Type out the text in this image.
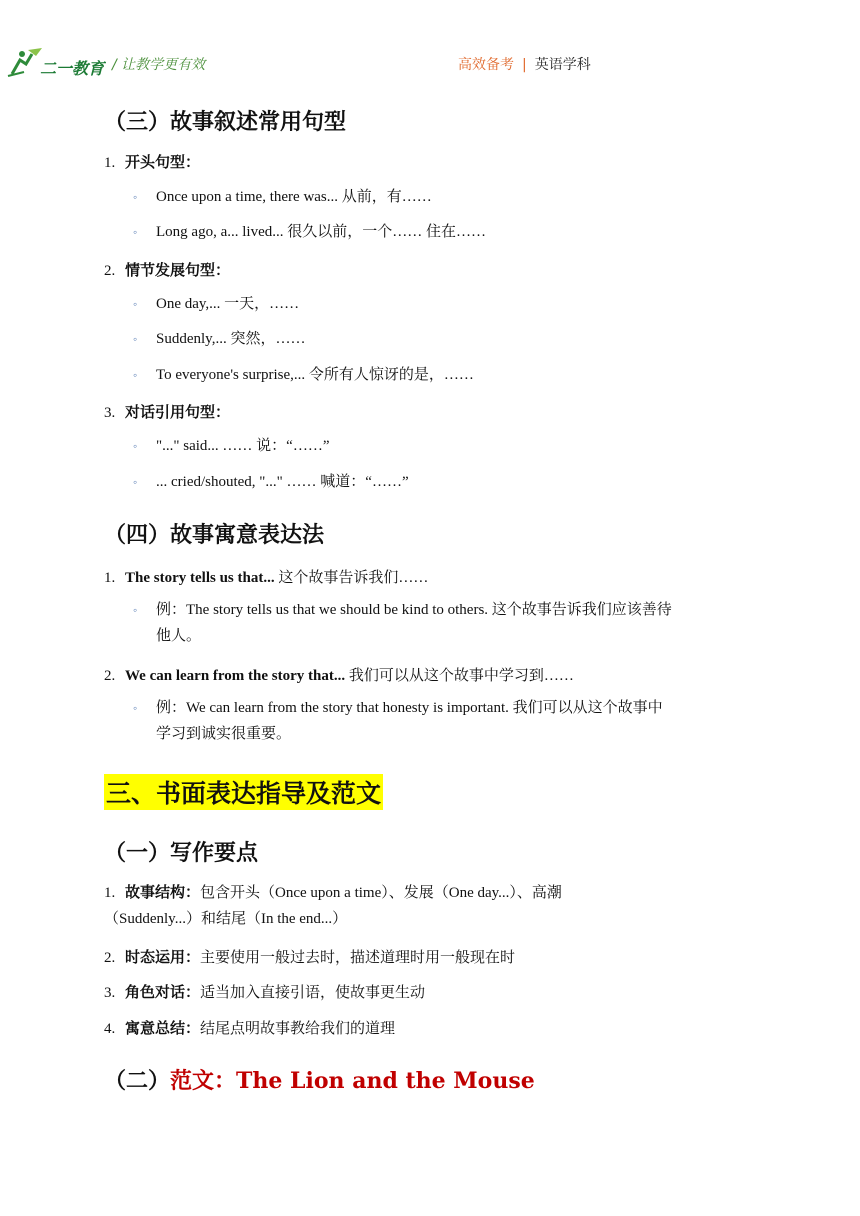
二一教育 / 让教学更有效	高效备考 | 英语学科
（三）故事叙述常用句型
1. 开头句型：
◦	Once upon a time, there was... 从前，有……
◦	Long ago, a... lived... 很久以前，一个…… 住在……
2. 情节发展句型：
◦	One day,... 一天，……
◦	Suddenly,... 突然，……
◦	To everyone's surprise,... 令所有人惊讶的是，……
3. 对话引用句型：
◦	"..." said... …… 说：“……”
◦	... cried/shouted, "..." …… 喊道：“……”
（四）故事寓意表达法
1. The story tells us that... 这个故事告诉我们……
◦	例：The story tells us that we should be kind to others. 这个故事告诉我们应该善待
他人。
2. We can learn from the story that... 我们可以从这个故事中学习到……
◦	例：We can learn from the story that honesty is important. 我们可以从这个故事中
学习到诚实很重要。
三、书面表达指导及范文
（一）写作要点
1. 故事结构：包含开头（Once upon a time）、发展（One day...）、高潮
（Suddenly...）和结尾（In the end...）
2. 时态运用：主要使用一般过去时，描述道理时用一般现在时
3. 角色对话：适当加入直接引语，使故事更生动
4. 寓意总结：结尾点明故事教给我们的道理
（二）范文：The Lion and the Mouse
